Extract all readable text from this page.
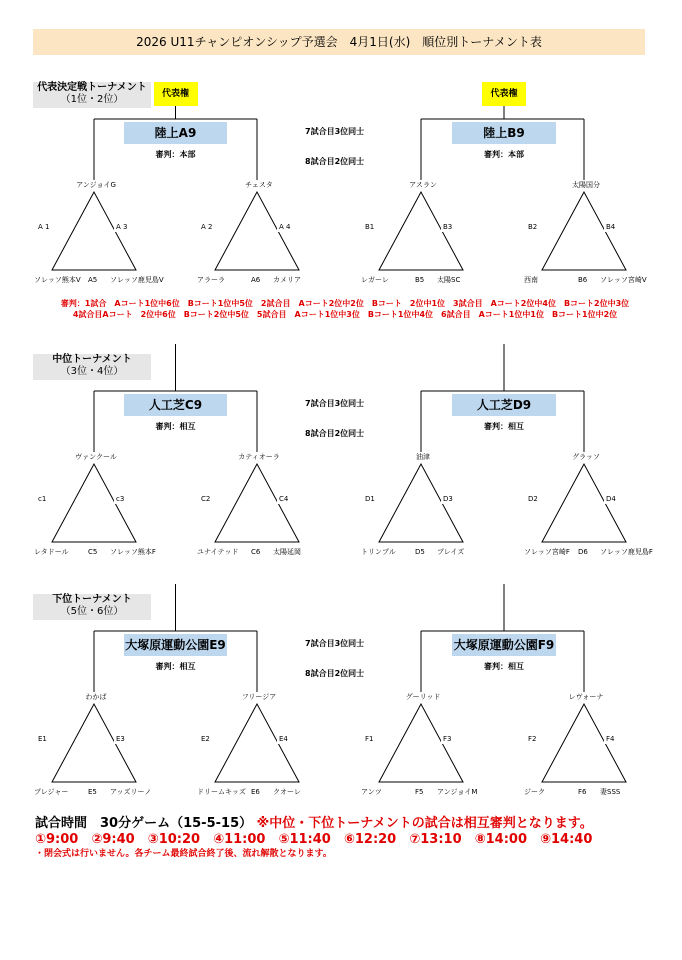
2026 U11チャンピオンシップ予選会　4月1日(水)　順位別トーナメント表
代表決定戦トーナメント
（1位・2位）
7試合目3位同士
8試合目2位同士
代表権
陸上A9
審判：本部
アンジョイG
A 1	A 3
A5
ソレッソ熊本V	ソレッソ鹿児島V
チェスタ
A 2	A 4
A6
アラーラ	カメリア
代表権
陸上B9
審判：本部
アスラン
B1	B3
B5
レガーレ	太陽SC
太陽国分
B2	B4
B6
西南	ソレッソ宮崎V
審判：1試合　Aコート1位中6位　Bコート1位中5位　2試合目　Aコート2位中2位　Bコート　2位中1位　3試合目　Aコート2位中4位　Bコート2位中3位
4試合目Aコート　2位中6位　Bコート2位中5位　5試合目　Aコート1位中3位　Bコート1位中4位　6試合目　Aコート1位中1位　Bコート1位中2位
中位トーナメント
（3位・4位）
7試合目3位同士
8試合目2位同士
人工芝C9
審判：相互
ヴァンクール
c1	c3
C5
レタドール	ソレッソ熊本F
カティオーラ
C2	C4
C6
ユナイテッド	太陽延岡
人工芝D9
審判：相互
油津
D1	D3
D5
トリンプル	プレイズ
グラッソ
D2	D4
D6
ソレッソ宮崎F	ソレッソ鹿児島F
下位トーナメント
（5位・6位）
7試合目3位同士
8試合目2位同士
大塚原運動公園E9
審判：相互
わかば
E1	E3
E5
プレジャー	アッズリーノ
フリージア
E2	E4
E6
ドリームキッズ	クオーレ
大塚原運動公園F9
審判：相互
グーリッド
F1	F3
F5
アンツ	アンジョイM
レヴォーナ
F2	F4
F6
ジーク	妻SSS
試合時間　30分ゲーム（15-5-15） ※中位・下位トーナメントの試合は相互審判となります。
①9:00　②9:40　③10:20　④11:00　⑤11:40　⑥12:20　⑦13:10　⑧14:00　⑨14:40
・閉会式は行いません。各チーム最終試合終了後、流れ解散となります。
